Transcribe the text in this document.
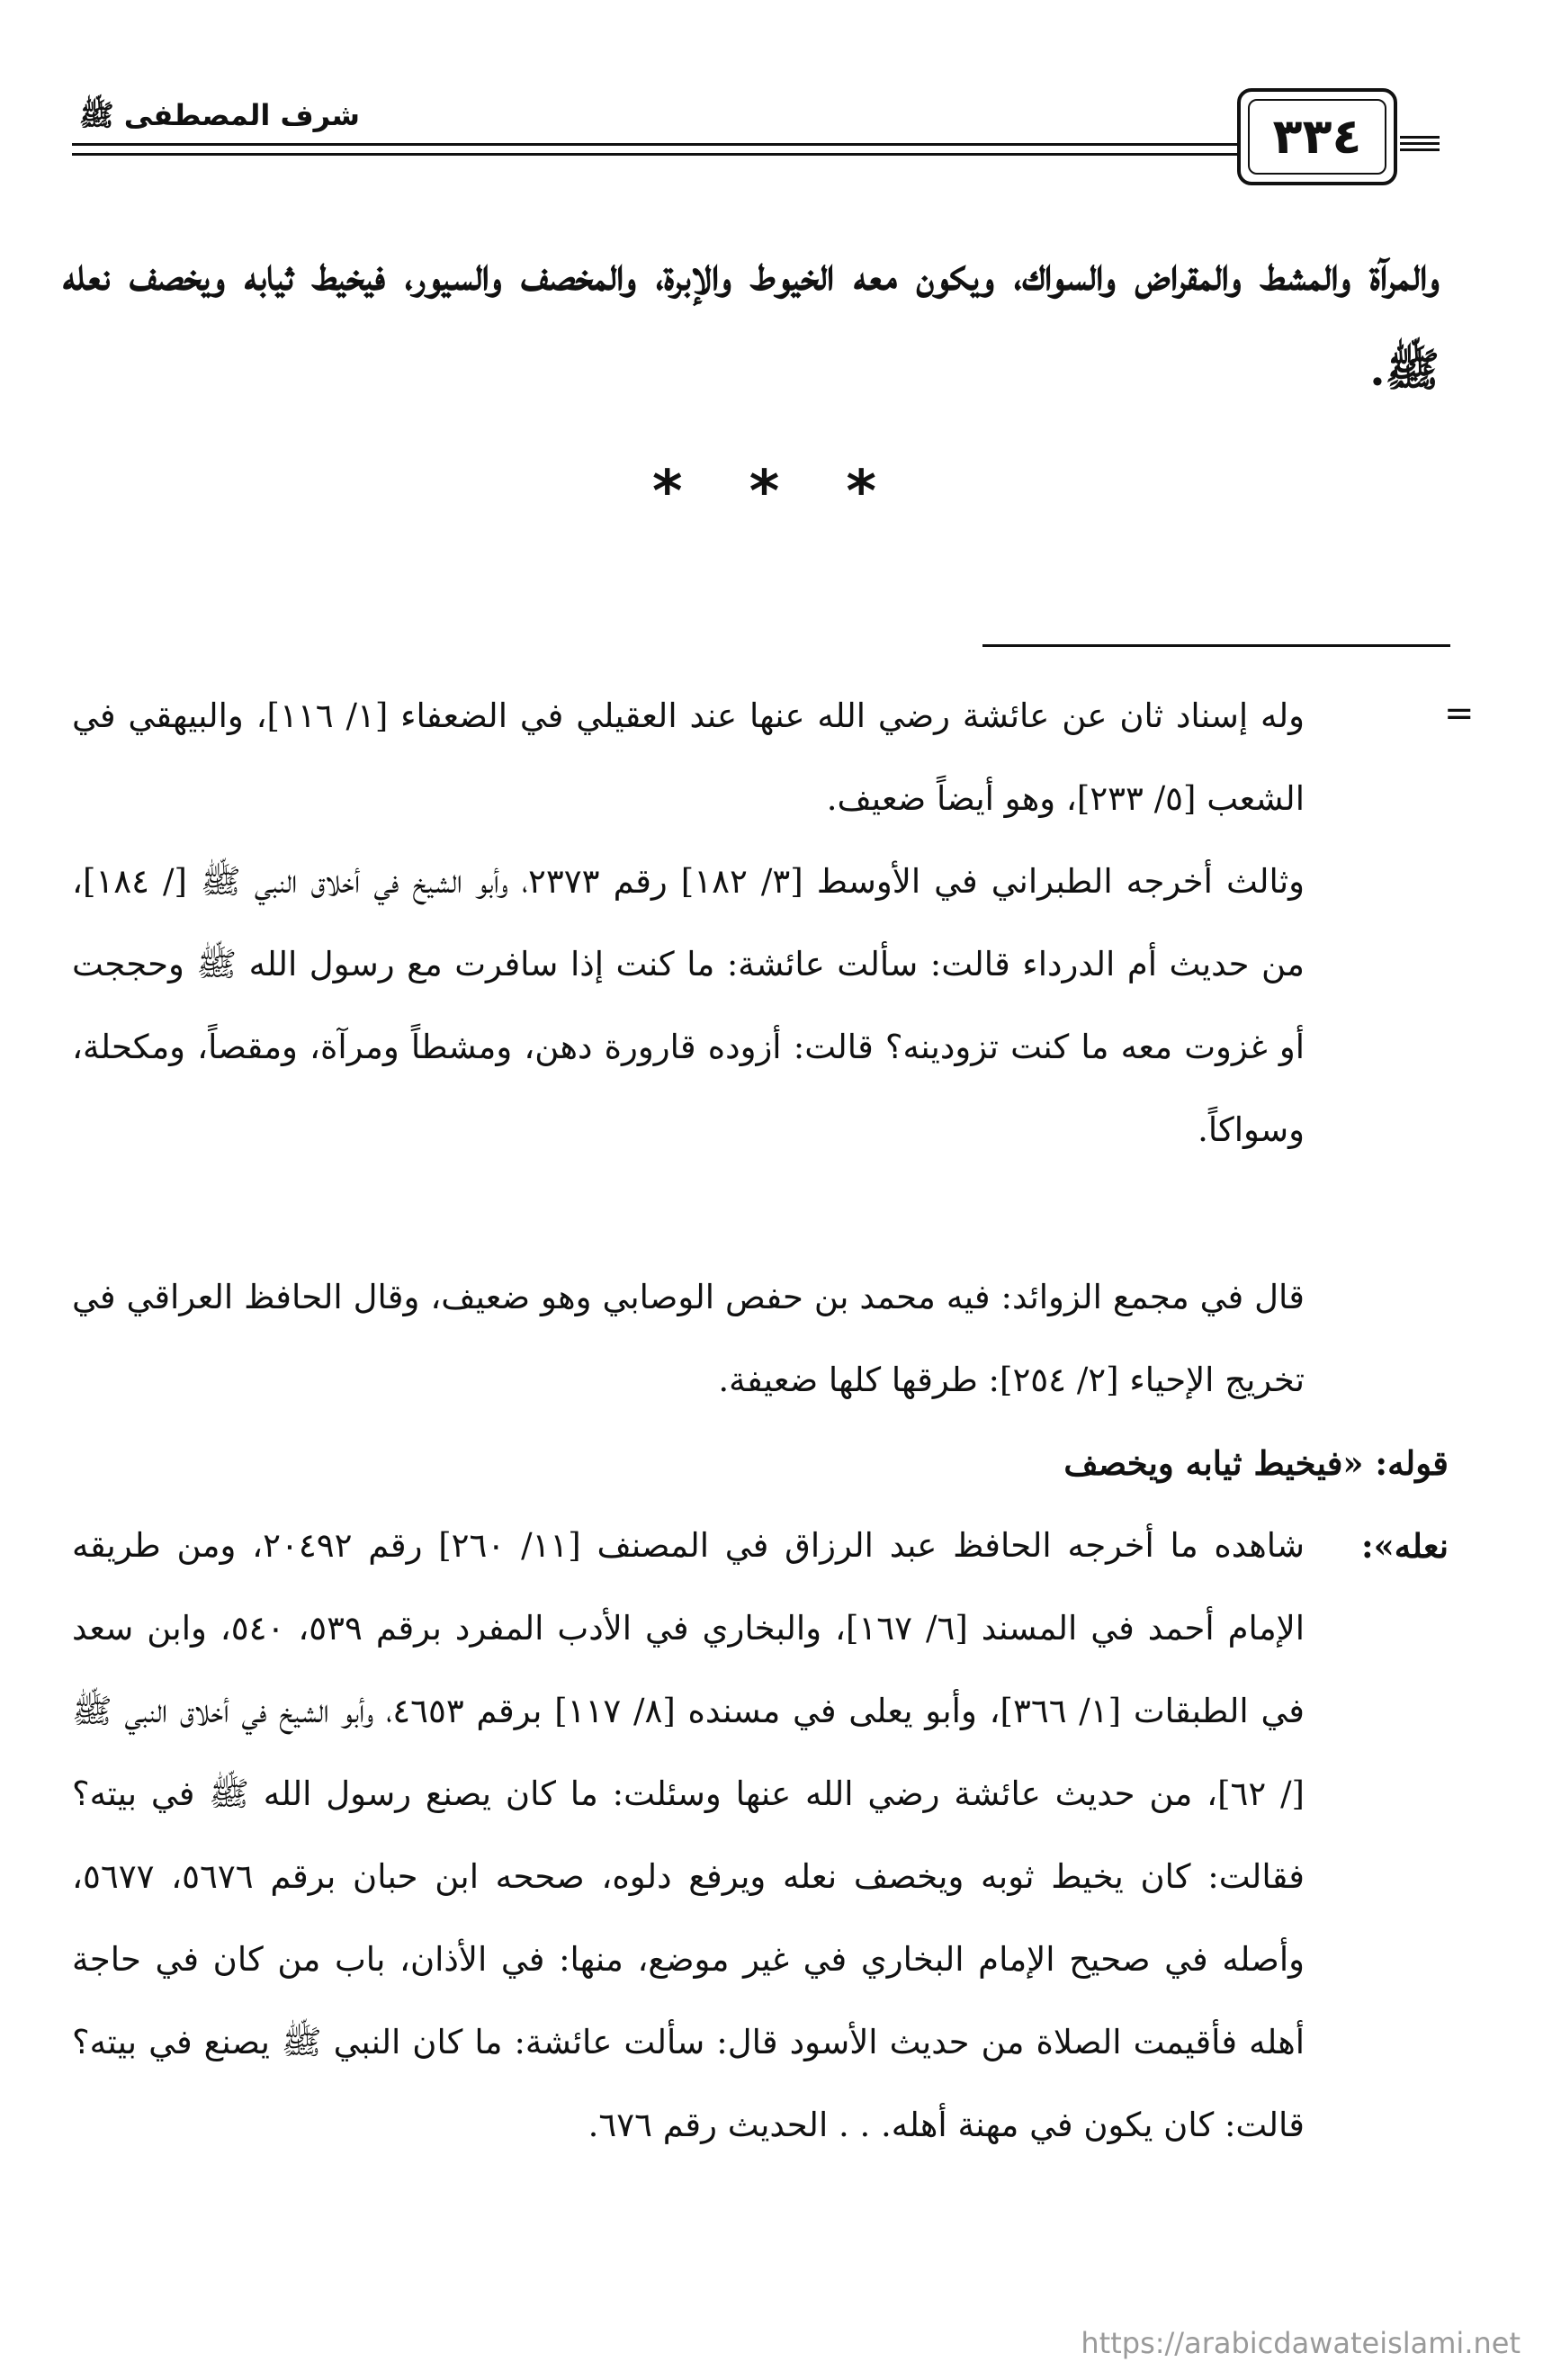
٣٣٤
شرف المصطفى ﷺ
والمرآة والمشط والمقراض والسواك، ويكون معه الخيوط والإبرة، والمخصف والسيور، فيخيط ثيابه ويخصف نعله ﷺ.
* * *
=
وله إسناد ثان عن عائشة رضي الله عنها عند العقيلي في الضعفاء [١/ ١١٦]، والبيهقي في الشعب [٥/ ٢٣٣]، وهو أيضاً ضعيف.
وثالث أخرجه الطبراني في الأوسط [٣/ ١٨٢] رقم ٢٣٧٣، وأبو الشيخ في أخلاق النبي ﷺ [/ ١٨٤]، من حديث أم الدرداء قالت: سألت عائشة: ما كنت إذا سافرت مع رسول الله ﷺ وحججت أو غزوت معه ما كنت تزودينه؟ قالت: أزوده قارورة دهن، ومشطاً ومرآة، ومقصاً، ومكحلة، وسواكاً.
قال في مجمع الزوائد: فيه محمد بن حفص الوصابي وهو ضعيف، وقال الحافظ العراقي في تخريج الإحياء [٢/ ٢٥٤]: طرقها كلها ضعيفة.
قوله: «فيخيط ثيابه ويخصف نعله»:
شاهده ما أخرجه الحافظ عبد الرزاق في المصنف [١١/ ٢٦٠] رقم ٢٠٤٩٢، ومن طريقه الإمام أحمد في المسند [٦/ ١٦٧]، والبخاري في الأدب المفرد برقم ٥٣٩، ٥٤٠، وابن سعد في الطبقات [١/ ٣٦٦]، وأبو يعلى في مسنده [٨/ ١١٧] برقم ٤٦٥٣، وأبو الشيخ في أخلاق النبي ﷺ [/ ٦٢]، من حديث عائشة رضي الله عنها وسئلت: ما كان يصنع رسول الله ﷺ في بيته؟ فقالت: كان يخيط ثوبه ويخصف نعله ويرفع دلوه، صححه ابن حبان برقم ٥٦٧٦، ٥٦٧٧، وأصله في صحيح الإمام البخاري في غير موضع، منها: في الأذان، باب من كان في حاجة أهله فأقيمت الصلاة من حديث الأسود قال: سألت عائشة: ما كان النبي ﷺ يصنع في بيته؟ قالت: كان يكون في مهنة أهله. . . الحديث رقم ٦٧٦.
https://arabicdawateislami.net
